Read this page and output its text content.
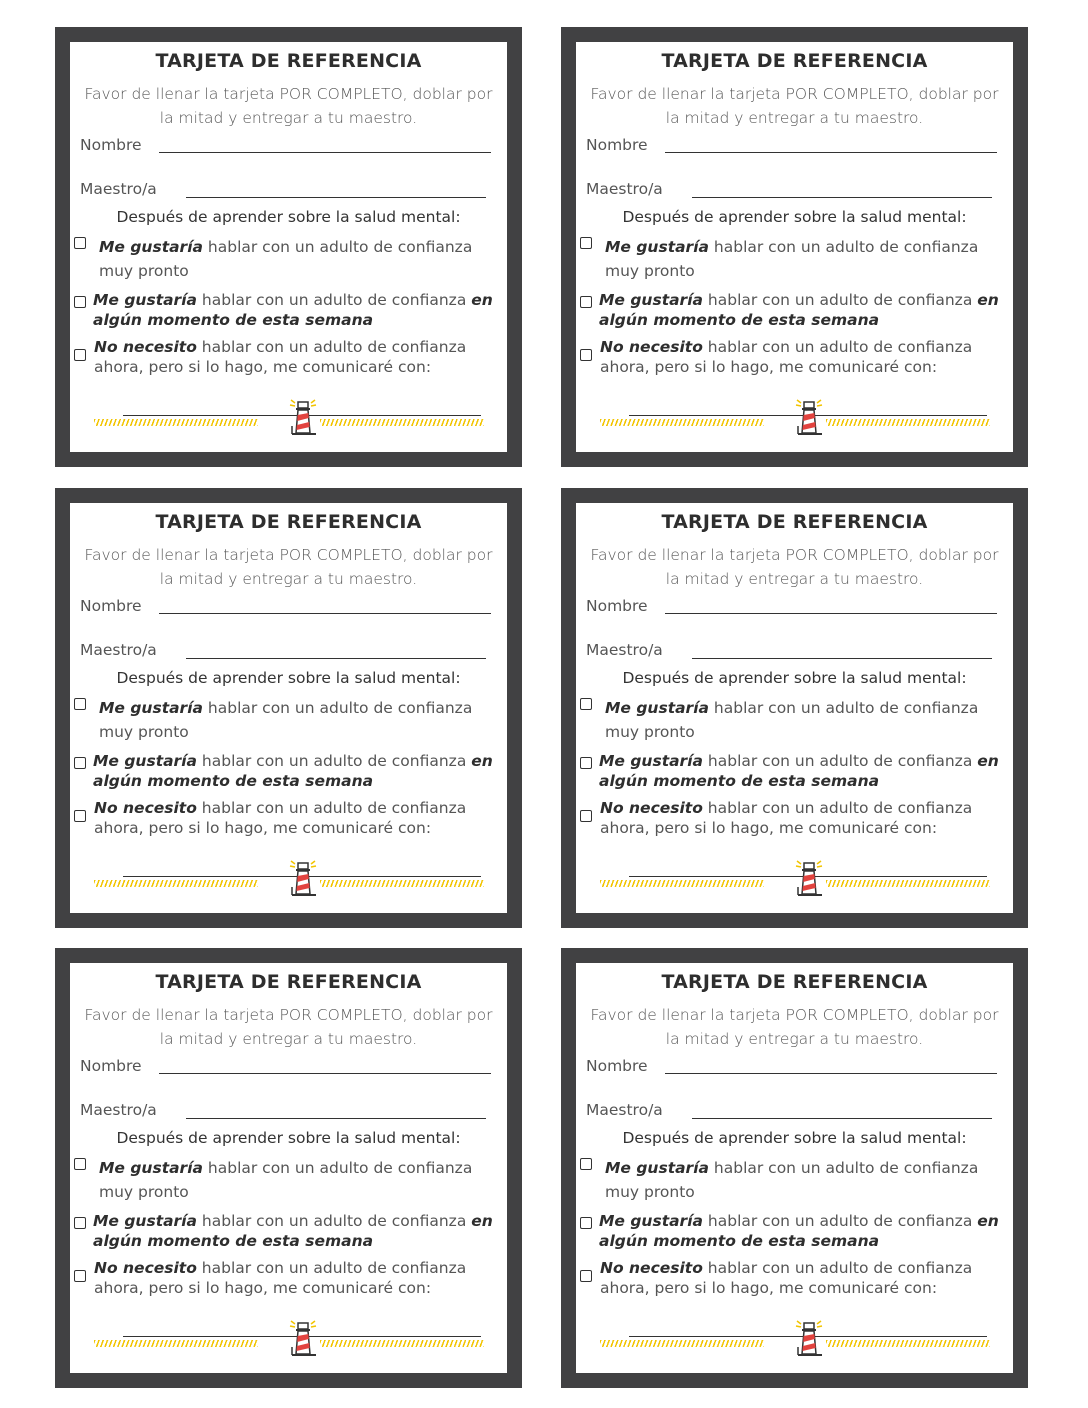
TARJETA DE REFERENCIA
Favor de llenar la tarjeta POR COMPLETO, doblar por la mitad y entregar a tu maestro.
Nombre
Maestro/a
Después de aprender sobre la salud mental:
Me gustaría hablar con un adulto de confianza muy pronto
Me gustaría hablar con un adulto de confianza en algún momento de esta semana
No necesito hablar con un adulto de confianza ahora, pero si lo hago, me comunicaré con:
TARJETA DE REFERENCIA
Favor de llenar la tarjeta POR COMPLETO, doblar por la mitad y entregar a tu maestro.
Nombre
Maestro/a
Después de aprender sobre la salud mental:
Me gustaría hablar con un adulto de confianza muy pronto
Me gustaría hablar con un adulto de confianza en algún momento de esta semana
No necesito hablar con un adulto de confianza ahora, pero si lo hago, me comunicaré con:
TARJETA DE REFERENCIA
Favor de llenar la tarjeta POR COMPLETO, doblar por la mitad y entregar a tu maestro.
Nombre
Maestro/a
Después de aprender sobre la salud mental:
Me gustaría hablar con un adulto de confianza muy pronto
Me gustaría hablar con un adulto de confianza en algún momento de esta semana
No necesito hablar con un adulto de confianza ahora, pero si lo hago, me comunicaré con:
TARJETA DE REFERENCIA
Favor de llenar la tarjeta POR COMPLETO, doblar por la mitad y entregar a tu maestro.
Nombre
Maestro/a
Después de aprender sobre la salud mental:
Me gustaría hablar con un adulto de confianza muy pronto
Me gustaría hablar con un adulto de confianza en algún momento de esta semana
No necesito hablar con un adulto de confianza ahora, pero si lo hago, me comunicaré con:
TARJETA DE REFERENCIA
Favor de llenar la tarjeta POR COMPLETO, doblar por la mitad y entregar a tu maestro.
Nombre
Maestro/a
Después de aprender sobre la salud mental:
Me gustaría hablar con un adulto de confianza muy pronto
Me gustaría hablar con un adulto de confianza en algún momento de esta semana
No necesito hablar con un adulto de confianza ahora, pero si lo hago, me comunicaré con:
TARJETA DE REFERENCIA
Favor de llenar la tarjeta POR COMPLETO, doblar por la mitad y entregar a tu maestro.
Nombre
Maestro/a
Después de aprender sobre la salud mental:
Me gustaría hablar con un adulto de confianza muy pronto
Me gustaría hablar con un adulto de confianza en algún momento de esta semana
No necesito hablar con un adulto de confianza ahora, pero si lo hago, me comunicaré con:
